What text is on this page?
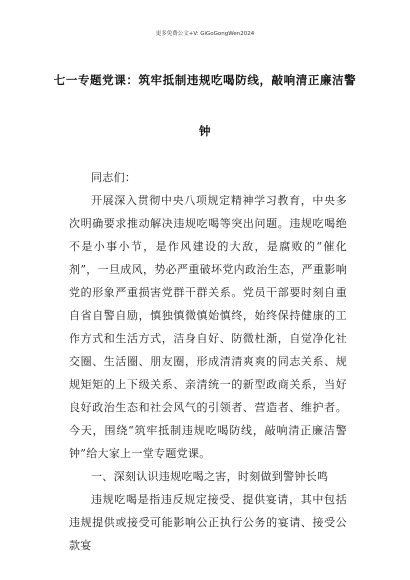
更多免费公文+V: GiGoGongWen2024
七一专题党课：筑牢抵制违规吃喝防线，敲响清正廉洁警
钟

同志们：

开展深入贯彻中央八项规定精神学习教育，中央多次明确要求推动解决违规吃喝等突出问题。违规吃喝绝不是小事小节，是作风建设的大敌，是腐败的“催化剂”，一旦成风，势必严重破坏党内政治生态，严重影响党的形象严重损害党群干群关系。党员干部要时刻自重自省自警自励，慎独慎微慎始慎终，始终保持健康的工作方式和生活方式，洁身自好、防微杜渐，自觉净化社交圈、生活圈、朋友圈，形成清清爽爽的同志关系、规规矩矩的上下级关系、亲清统一的新型政商关系，当好良好政治生态和社会风气的引领者、营造者、维护者。今天，围绕“筑牢抵制违规吃喝防线，敲响清正廉洁警钟”给大家上一堂专题党课。

一、深刻认识违规吃喝之害，时刻做到警钟长鸣

违规吃喝是指违反规定接受、提供宴请，其中包括违规提供或接受可能影响公正执行公务的宴请、接受公款宴
